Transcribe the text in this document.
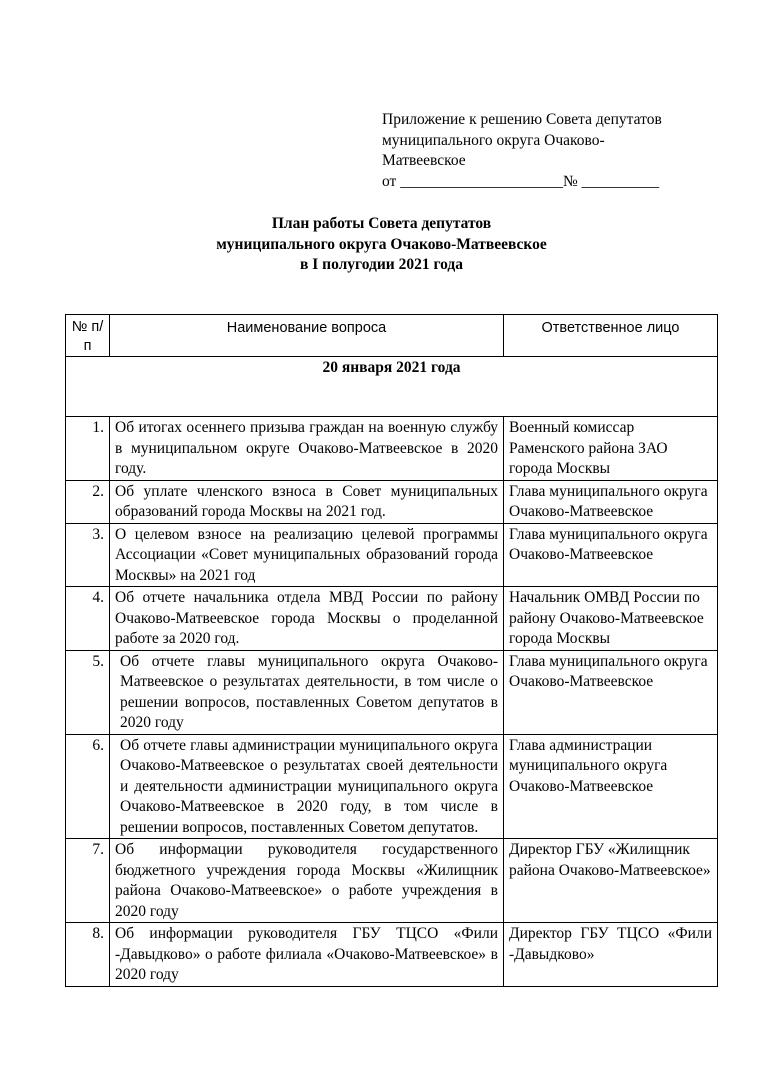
Приложение к решению Совета депутатов
муниципального округа Очаково-
Матвеевское
от _____________________№ __________
План работы Совета депутатов
муниципального округа Очаково-Матвеевское
в I полугодии 2021 года
№ п/п	Наименование вопроса	Ответственное лицо
20 января 2021 года		
1.	Об итогах осеннего призыва граждан на военную службу в муниципальном округе Очаково-Матвеевское в 2020 году.	Военный комиссар Раменского района ЗАО города Москвы
2.	Об уплате членского взноса в Совет муниципальных образований города Москвы на 2021 год.	Глава муниципального округа Очаково-Матвеевское
3.	О целевом взносе на реализацию целевой программы Ассоциации «Совет муниципальных образований города Москвы» на 2021 год	Глава муниципального округа Очаково-Матвеевское
4.	Об отчете начальника отдела МВД России по району Очаково-Матвеевское города Москвы о проделанной работе за 2020 год.	Начальник ОМВД России по району Очаково-Матвеевское города Москвы
5.	Об отчете главы муниципального округа Очаково-Матвеевское о результатах деятельности, в том числе о решении вопросов, поставленных Советом депутатов в 2020 году	Глава муниципального округа Очаково-Матвеевское
6.	Об отчете главы администрации муниципального округа Очаково-Матвеевское о результатах своей деятельности и деятельности администрации муниципального округа Очаково-Матвеевское в 2020 году, в том числе в решении вопросов, поставленных Советом депутатов.	Глава администрации муниципального округа Очаково-Матвеевское
7.	Об информации руководителя государственного бюджетного учреждения города Москвы «Жилищник района Очаково-Матвеевское» о работе учреждения в 2020 году	Директор ГБУ «Жилищник района Очаково-Матвеевское»
8.	Об информации руководителя ГБУ ТЦСО «Фили -Давыдково» о работе филиала «Очаково-Матвеевское» в 2020 году	Директор ГБУ ТЦСО «Фили -Давыдково»
